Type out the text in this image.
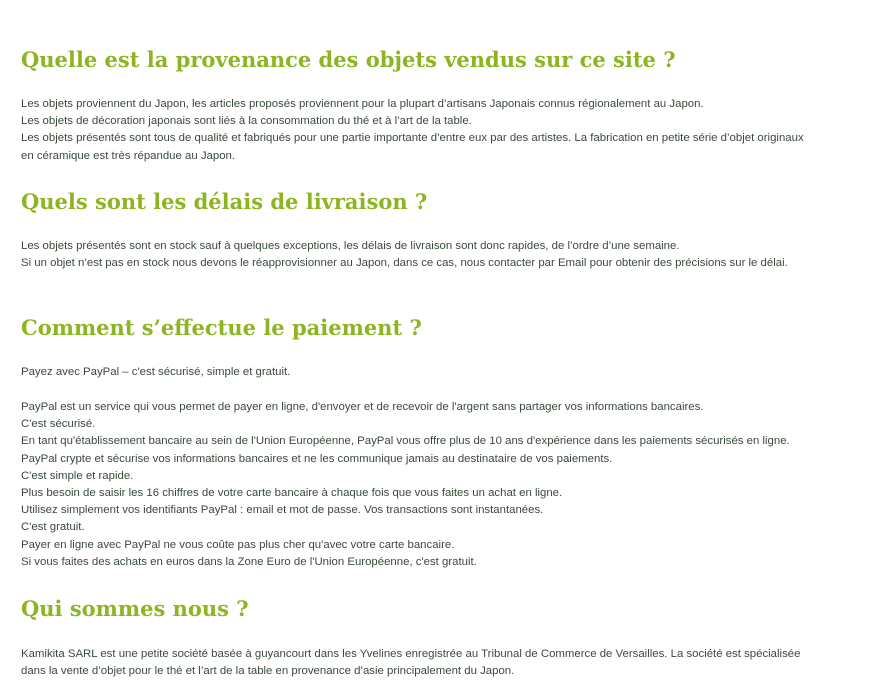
Quelle est la provenance des objets vendus sur ce site ?
Les objets proviennent du Japon, les articles proposés proviennent pour la plupart d’artisans Japonais connus régionalement au Japon.
Les objets de décoration japonais sont liés à la consommation du thé et à l’art de la table.
Les objets présentés sont tous de qualité et fabriqués pour une partie importante d’entre eux par des artistes. La fabrication en petite série d’objet originaux
en céramique est très répandue au Japon.
Quels sont les délais de livraison ?
Les objets présentés sont en stock sauf à quelques exceptions, les délais de livraison sont donc rapides, de l’ordre d’une semaine.
Si un objet n’est pas en stock nous devons le réapprovisionner au Japon, dans ce cas, nous contacter par Email pour obtenir des précisions sur le délai.
Comment s’effectue le paiement ?
Payez avec PayPal – c'est sécurisé, simple et gratuit.
PayPal est un service qui vous permet de payer en ligne, d'envoyer et de recevoir de l'argent sans partager vos informations bancaires.
C'est sécurisé.
En tant qu'établissement bancaire au sein de l'Union Européenne, PayPal vous offre plus de 10 ans d'expérience dans les paiements sécurisés en ligne.
PayPal crypte et sécurise vos informations bancaires et ne les communique jamais au destinataire de vos paiements.
C'est simple et rapide.
Plus besoin de saisir les 16 chiffres de votre carte bancaire à chaque fois que vous faites un achat en ligne.
Utilisez simplement vos identifiants PayPal : email et mot de passe. Vos transactions sont instantanées.
C'est gratuit.
Payer en ligne avec PayPal ne vous coûte pas plus cher qu'avec votre carte bancaire.
Si vous faites des achats en euros dans la Zone Euro de l'Union Européenne, c'est gratuit.
Qui sommes nous ?
Kamikita SARL est une petite société basée à guyancourt dans les Yvelines enregistrée au Tribunal de Commerce de Versailles. La société est spécialisée
dans la vente d’objet pour le thé et l’art de la table en provenance d’asie principalement du Japon.
